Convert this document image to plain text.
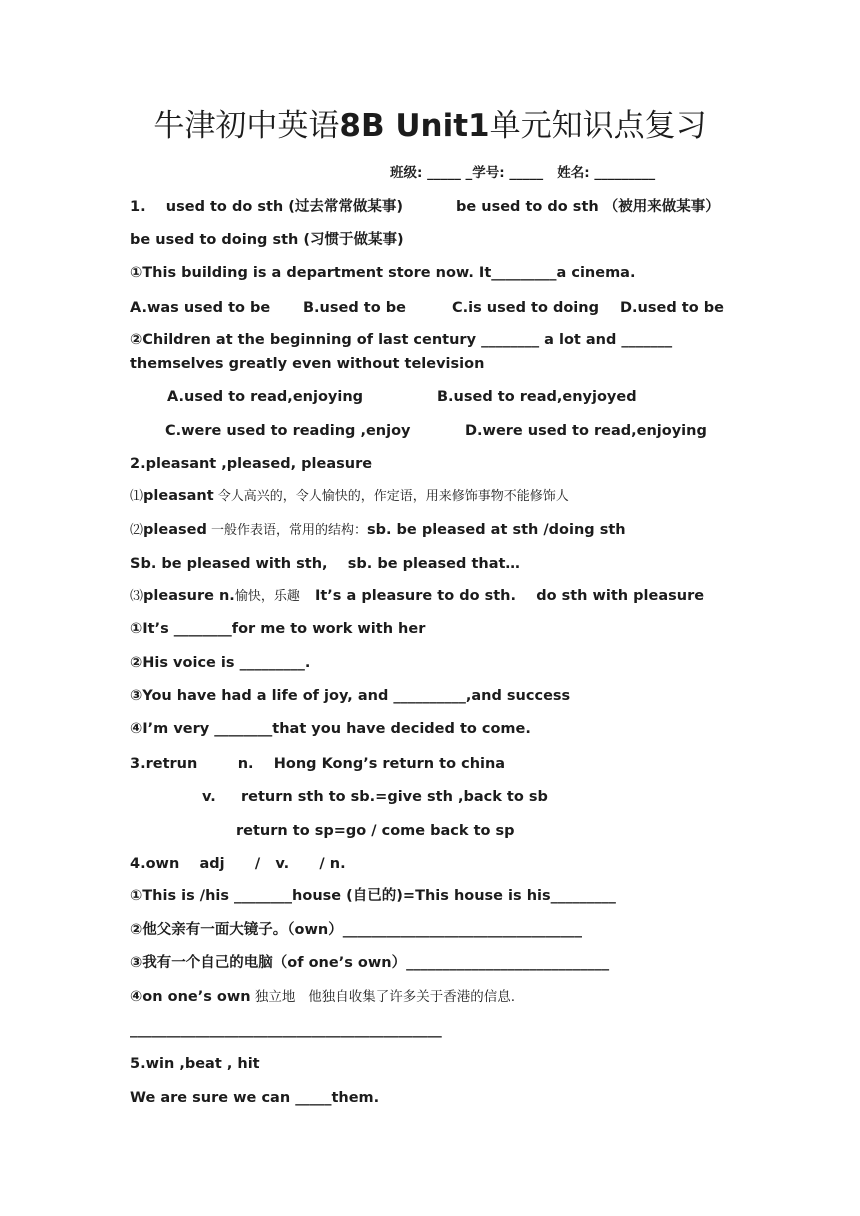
牛津初中英语8B Unit1单元知识点复习
班级: _____ _学号: _____   姓名: _________
1.    used to do sth (过去常常做某事)	be used to do sth （被用来做某事）
be used to doing sth (习惯于做某事)
①This building is a department store now. It_________a cinema.
A.was used to be B.used to be	C.is used to doing D.used to be
②Children at the beginning of last century ________ a lot and _______
themselves greatly even without television
A.used to read,enjoying	B.used to read,enyjoyed
C.were used to reading ,enjoy	D.were used to read,enjoying
2.pleasant ,pleased, pleasure
⑴pleasant 令人高兴的，令人愉快的，作定语，用来修饰事物不能修饰人
⑵pleased 一般作表语，常用的结构：sb. be pleased at sth /doing sth
Sb. be pleased with sth,    sb. be pleased that…
⑶pleasure n.愉快，乐趣   It’s a pleasure to do sth.    do sth with pleasure
①It’s ________for me to work with her
②His voice is _________.
③You have had a life of joy, and __________,and success
④I’m very ________that you have decided to come.
3.retrun        n.    Hong Kong’s return to china
v.     return sth to sb.=give sth ,back to sb
return to sp=go / come back to sp
4.own    adj      /   v.      / n.
①This is /his ________house (自已的)=This house is his_________
②他父亲有一面大镜子。（own）_________________________________
③我有一个自己的电脑（of one’s own）____________________________
④on one’s own 独立地   他独自收集了许多关于香港的信息.
___________________________________________
5.win ,beat , hit
We are sure we can _____them.
